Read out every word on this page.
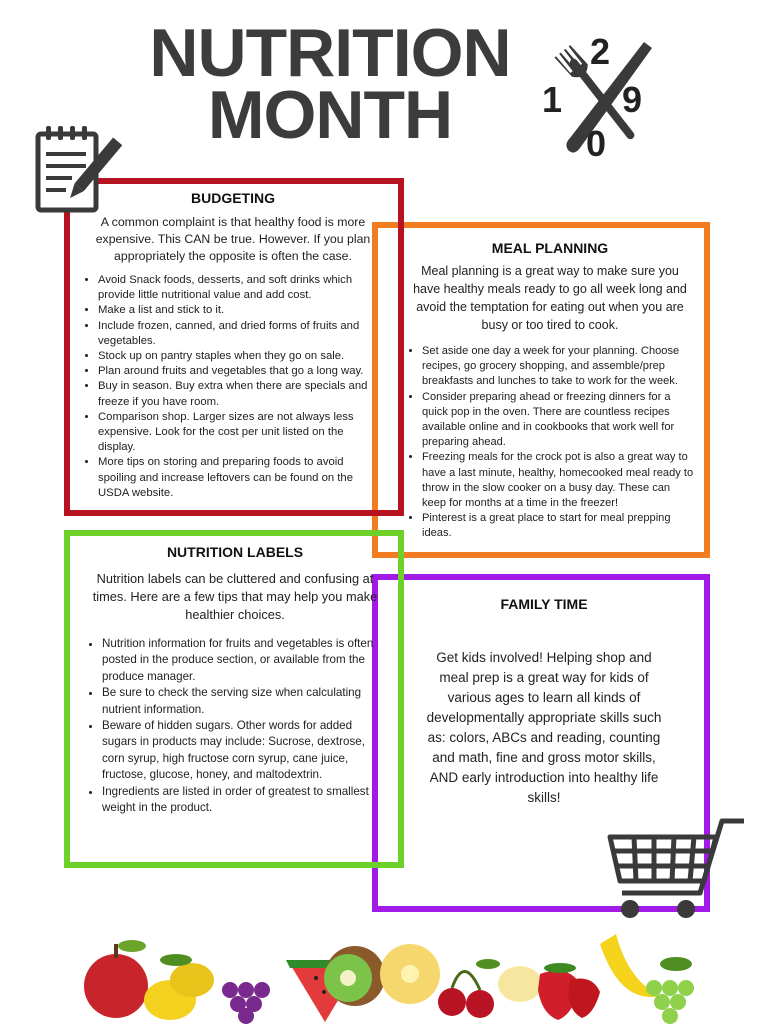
NUTRITION
MONTH
2
1 9
0
BUDGETING
A common complaint is that healthy food is more expensive. This CAN be true. However. If you plan appropriately the opposite is often the case.
• Avoid Snack foods, desserts, and soft drinks which provide little nutritional value and add cost.
• Make a list and stick to it.
• Include frozen, canned, and dried forms of fruits and vegetables.
• Stock up on pantry staples when they go on sale.
• Plan around fruits and vegetables that go a long way.
• Buy in season. Buy extra when there are specials and freeze if you have room.
• Comparison shop. Larger sizes are not always less expensive. Look for the cost per unit listed on the display.
• More tips on storing and preparing foods to avoid spoiling and increase leftovers can be found on the USDA website.
MEAL PLANNING
Meal planning is a great way to make sure you have healthy meals ready to go all week long and avoid the temptation for eating out when you are busy or too tired to cook.
• Set aside one day a week for your planning. Choose recipes, go grocery shopping, and assemble/prep breakfasts and lunches to take to work for the week.
• Consider preparing ahead or freezing dinners for a quick pop in the oven. There are countless recipes available online and in cookbooks that work well for preparing ahead.
• Freezing meals for the crock pot is also a great way to have a last minute, healthy, homecooked meal ready to throw in the slow cooker on a busy day. These can keep for months at a time in the freezer!
• Pinterest is a great place to start for meal prepping ideas.
NUTRITION LABELS
Nutrition labels can be cluttered and confusing at times. Here are a few tips that may help you make healthier choices.
• Nutrition information for fruits and vegetables is often posted in the produce section, or available from the produce manager.
• Be sure to check the serving size when calculating nutrient information.
• Beware of hidden sugars. Other words for added sugars in products may include: Sucrose, dextrose, corn syrup, high fructose corn syrup, cane juice, fructose, glucose, honey, and maltodextrin.
• Ingredients are listed in order of greatest to smallest weight in the product.
FAMILY TIME
Get kids involved! Helping shop and meal prep is a great way for kids of various ages to learn all kinds of developmentally appropriate skills such as: colors, ABCs and reading, counting and math, fine and gross motor skills, AND early introduction into healthy life skills!
